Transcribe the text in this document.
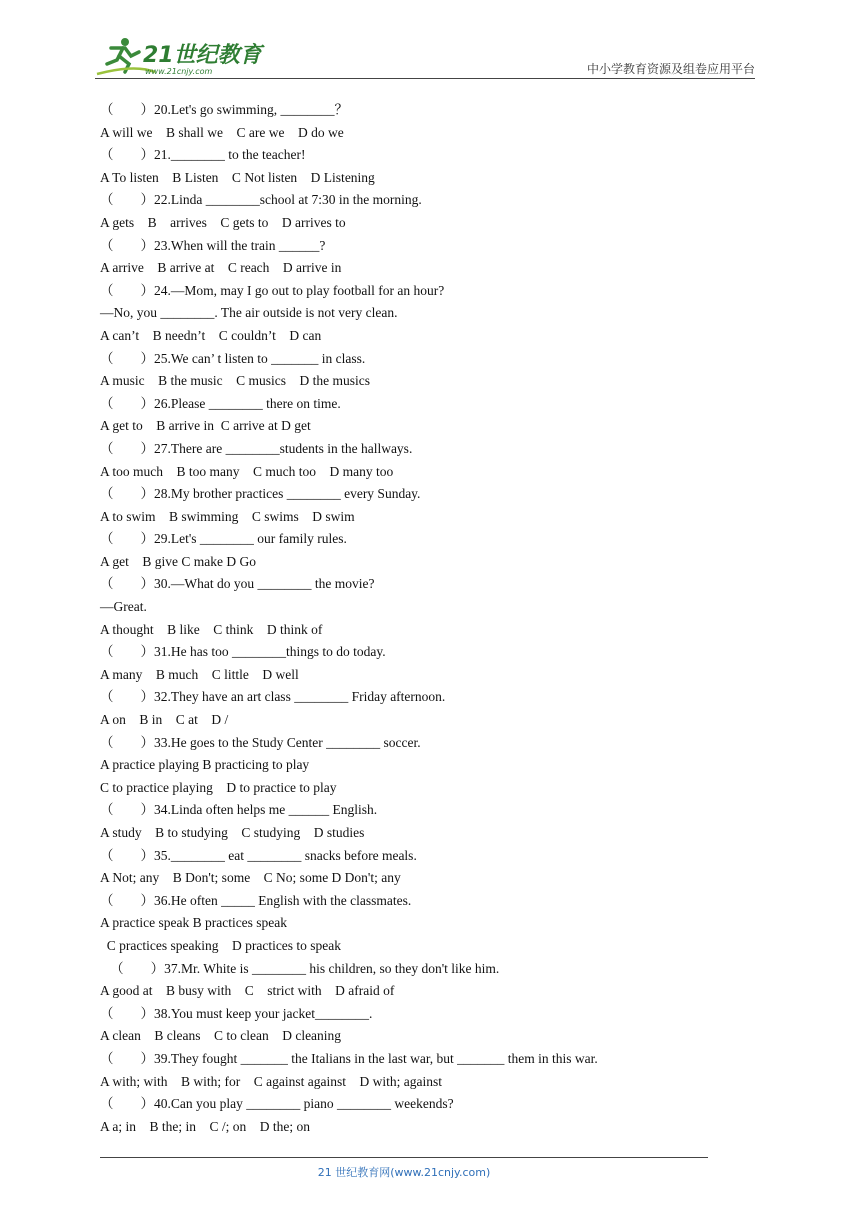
21世纪教育
www.21cnjy.com	中小学教育资源及组卷应用平台
（        ）20.Let's go swimming, ________？
A will we    B shall we    C are we    D do we
（        ）21.________ to the teacher!
A To listen    B Listen    C Not listen    D Listening
（        ）22.Linda ________school at 7:30 in the morning.
A gets    B    arrives    C gets to    D arrives to
（        ）23.When will the train ______?
A arrive    B arrive at    C reach    D arrive in
（        ）24.—Mom, may I go out to play football for an hour?
—No, you ________. The air outside is not very clean.
A can’t    B needn’t    C couldn’t    D can
（        ）25.We can’ t listen to _______ in class.
A music    B the music    C musics    D the musics
（        ）26.Please ________ there on time.
A get to    B arrive in  C arrive at D get
（        ）27.There are ________students in the hallways.
A too much    B too many    C much too    D many too
（        ）28.My brother practices ________ every Sunday.
A to swim    B swimming    C swims    D swim
（        ）29.Let's ________ our family rules.
A get    B give C make D Go
（        ）30.—What do you ________ the movie?
—Great.
A thought    B like    C think    D think of
（        ）31.He has too ________things to do today.
A many    B much    C little    D well
（        ）32.They have an art class ________ Friday afternoon.
A on    B in    C at    D /
（        ）33.He goes to the Study Center ________ soccer.
A practice playing B practicing to play
C to practice playing    D to practice to play
（        ）34.Linda often helps me ______ English.
A study    B to studying    C studying    D studies
（        ）35.________ eat ________ snacks before meals.
A Not; any    B Don't; some    C No; some D Don't; any
（        ）36.He often _____ English with the classmates.
A practice speak B practices speak
C practices speaking    D practices to speak
（        ）37.Mr. White is ________ his children, so they don't like him.
A good at    B busy with    C    strict with    D afraid of
（        ）38.You must keep your jacket________.
A clean    B cleans    C to clean    D cleaning
（        ）39.They fought _______ the Italians in the last war, but _______ them in this war.
A with; with    B with; for    C against against    D with; against
（        ）40.Can you play ________ piano ________ weekends?
A a; in    B the; in    C /; on    D the; on
21 世纪教育网(www.21cnjy.com)
